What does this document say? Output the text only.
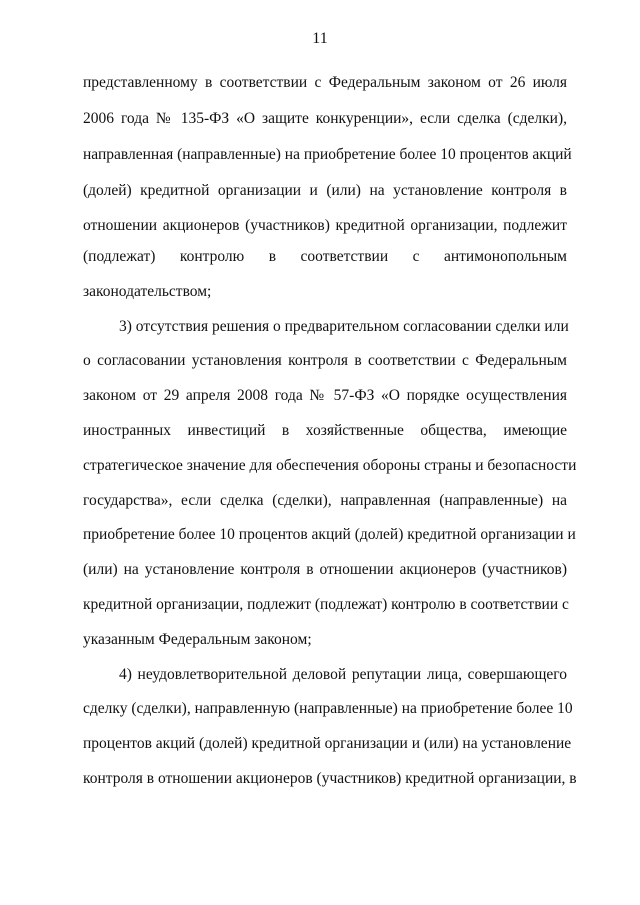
11
представленному в соответствии с Федеральным законом от 26 июля
2006 года № 135-ФЗ «О защите конкуренции», если сделка (сделки),
направленная (направленные) на приобретение более 10 процентов акций
(долей) кредитной организации и (или) на установление контроля в
отношении акционеров (участников) кредитной организации, подлежит
(подлежат) контролю в соответствии с антимонопольным
законодательством;
3) отсутствия решения о предварительном согласовании сделки или
о согласовании установления контроля в соответствии с Федеральным
законом от 29 апреля 2008 года № 57-ФЗ «О порядке осуществления
иностранных инвестиций в хозяйственные общества, имеющие
стратегическое значение для обеспечения обороны страны и безопасности
государства», если сделка (сделки), направленная (направленные) на
приобретение более 10 процентов акций (долей) кредитной организации и
(или) на установление контроля в отношении акционеров (участников)
кредитной организации, подлежит (подлежат) контролю в соответствии с
указанным Федеральным законом;
4) неудовлетворительной деловой репутации лица, совершающего
сделку (сделки), направленную (направленные) на приобретение более 10
процентов акций (долей) кредитной организации и (или) на установление
контроля в отношении акционеров (участников) кредитной организации, в
